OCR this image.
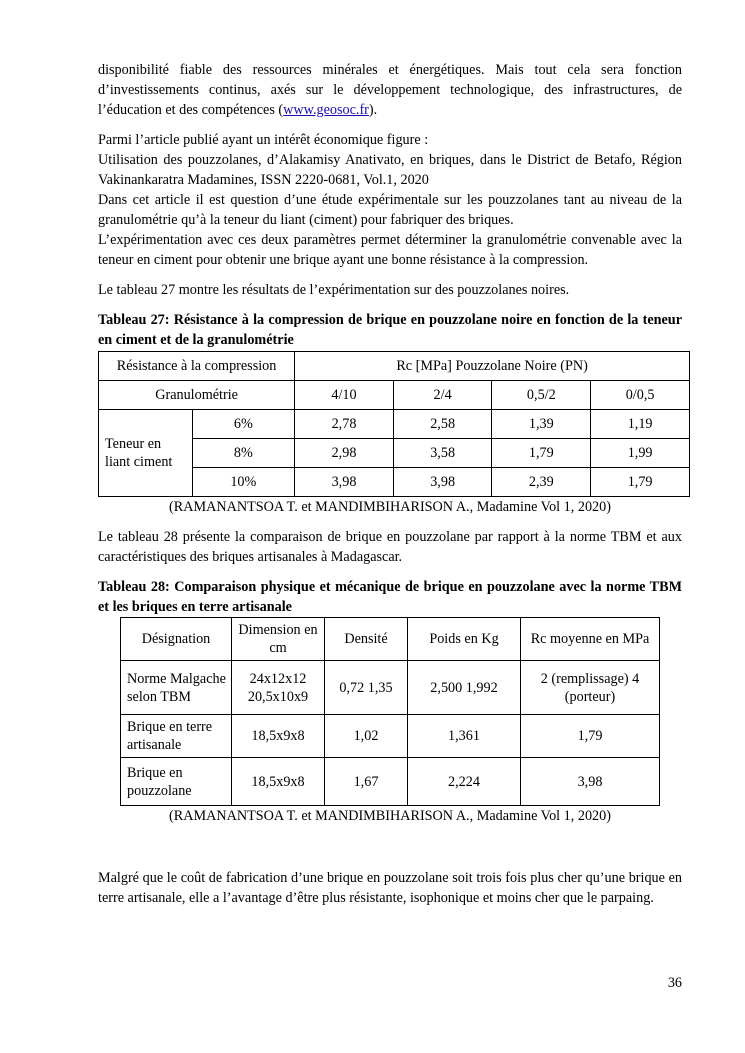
disponibilité fiable des ressources minérales et énergétiques. Mais tout cela sera fonction d’investissements continus, axés sur le développement technologique, des infrastructures, de l’éducation et des compétences (www.geosoc.fr).

Parmi l’article publié ayant un intérêt économique figure :

Utilisation des pouzzolanes, d’Alakamisy Anativato, en briques, dans le District de Betafo, Région Vakinankaratra Madamines, ISSN 2220-0681, Vol.1, 2020

Dans cet article il est question d’une étude expérimentale sur les pouzzolanes tant au niveau de la granulométrie qu’à la teneur du liant (ciment) pour fabriquer des briques.

L’expérimentation avec ces deux paramètres permet déterminer la granulométrie convenable avec la teneur en ciment pour obtenir une brique ayant une bonne résistance à la compression.

Le tableau 27 montre les résultats de l’expérimentation sur des pouzzolanes noires.

Tableau 27: Résistance à la compression de brique en pouzzolane noire en fonction de la teneur en ciment et de la granulométrie

Résistance à la compression		Rc [MPa] Pouzzolane Noire (PN)			
Granulométrie		4/10	2/4	0,5/2	0/0,5
Teneur en liant ciment	6%	2,78	2,58	1,39	1,19
	8%	2,98	3,58	1,79	1,99
	10%	3,98	3,98	2,39	1,79

(RAMANANTSOA T. et MANDIMBIHARISON A., Madamine Vol 1, 2020)

Le tableau 28 présente la comparaison de brique en pouzzolane par rapport à la norme TBM et aux caractéristiques des briques artisanales à Madagascar.

Tableau 28: Comparaison physique et mécanique de brique en pouzzolane avec la norme TBM et les briques en terre artisanale

Désignation	Dimension en cm	Densité	Poids en Kg	Rc moyenne en MPa
Norme Malgache selon TBM	24x12x12 20,5x10x9	0,72 1,35	2,500 1,992	2 (remplissage) 4 (porteur)
Brique en terre artisanale	18,5x9x8	1,02	1,361	1,79
Brique en pouzzolane	18,5x9x8	1,67	2,224	3,98

(RAMANANTSOA T. et MANDIMBIHARISON A., Madamine Vol 1, 2020)

Malgré que le coût de fabrication d’une brique en pouzzolane soit trois fois plus cher qu’une brique en terre artisanale, elle a l’avantage d’être plus résistante, isophonique et moins cher que le parpaing.

36
